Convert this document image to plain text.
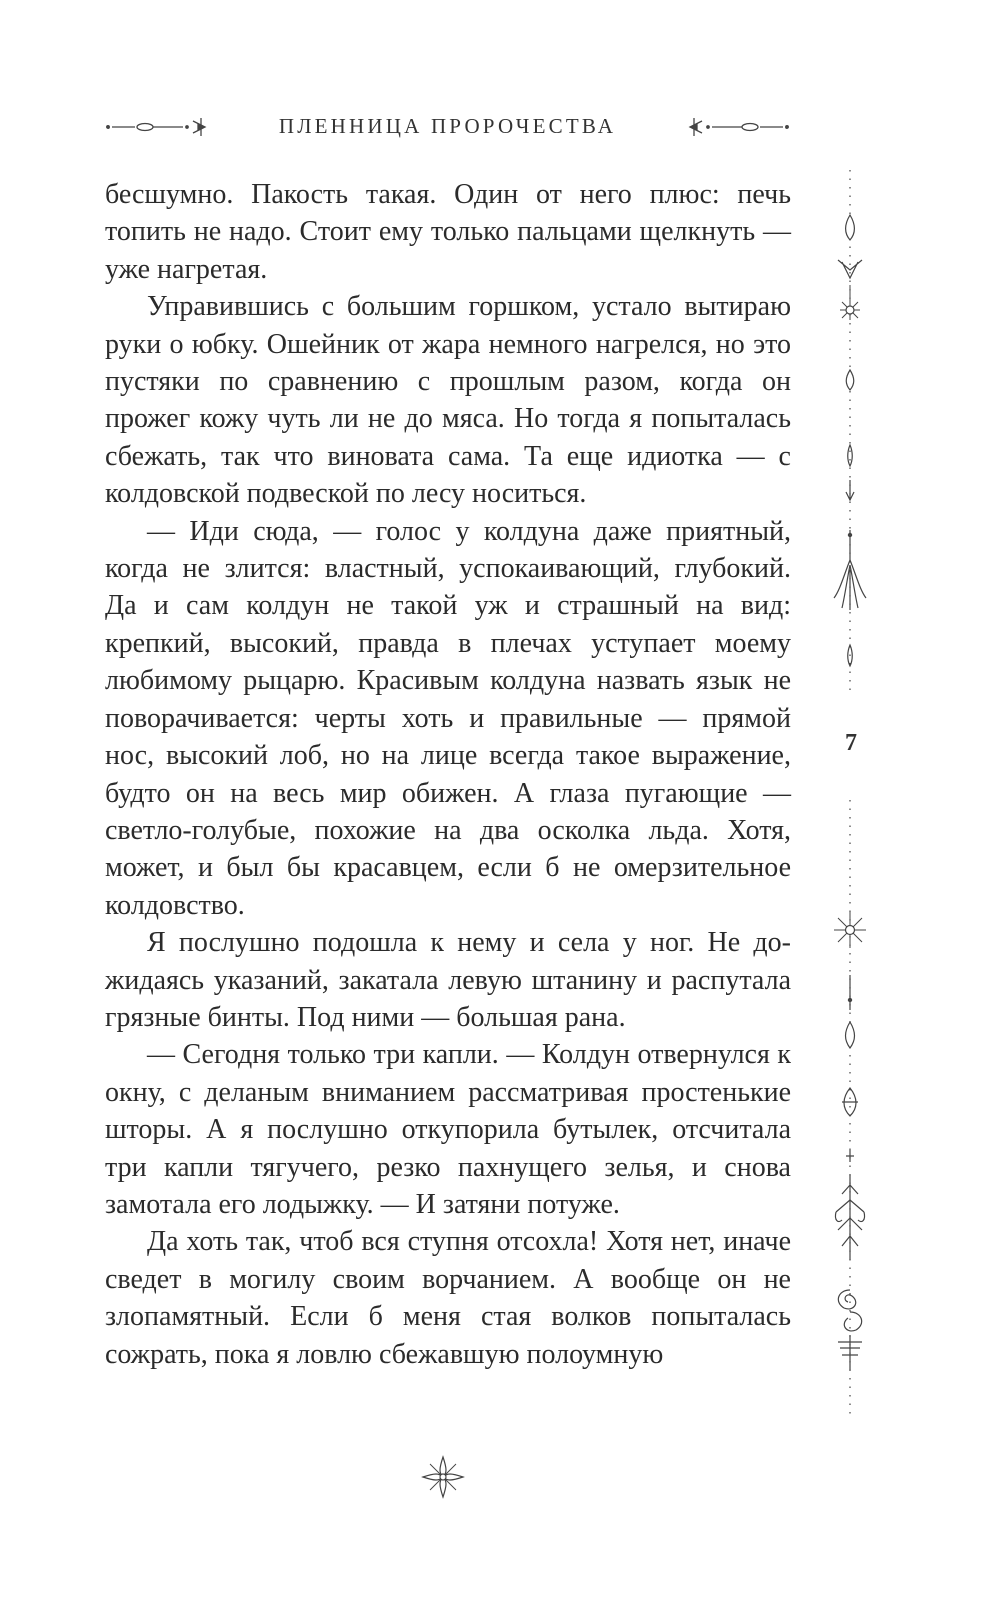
ПЛЕННИЦА ПРОРОЧЕСТВА

бесшумно. Пакость такая. Один от него плюс: печь топить не надо. Стоит ему только пальцами щелкнуть — уже нагретая.

Управившись с большим горшком, устало вытираю руки о юбку. Ошейник от жара немного нагрелся, но это пустяки по сравнению с прошлым разом, когда он прожег кожу чуть ли не до мяса. Но тогда я попыталась сбежать, так что виновата сама. Та еще идиотка — с колдовской подвеской по лесу носиться.

— Иди сюда, — голос у колдуна даже приятный, когда не злится: властный, успокаивающий, глубокий. Да и сам колдун не такой уж и страшный на вид: крепкий, высокий, правда в плечах уступает моему любимому рыцарю. Красивым колдуна назвать язык не поворачивается: черты хоть и правильные — прямой нос, высокий лоб, но на лице всегда такое выражение, будто он на весь мир обижен. А глаза пугающие — светло-голубые, похожие на два осколка льда. Хотя, может, и был бы красавцем, если б не омерзительное колдовство.

Я послушно подошла к нему и села у ног. Не дожидаясь указаний, закатала левую штанину и распутала грязные бинты. Под ними — большая рана.

— Сегодня только три капли. — Колдун отвернулся к окну, с деланым вниманием рассматривая простенькие шторы. А я послушно откупорила бутылек, отсчитала три капли тягучего, резко пахнущего зелья, и снова замотала его лодыжку. — И затяни потуже.

Да хоть так, чтоб вся ступня отсохла! Хотя нет, иначе сведет в могилу своим ворчанием. А вообще он не злопамятный. Если б меня стая волков попыталась сожрать, пока я ловлю сбежавшую полоумную

7
